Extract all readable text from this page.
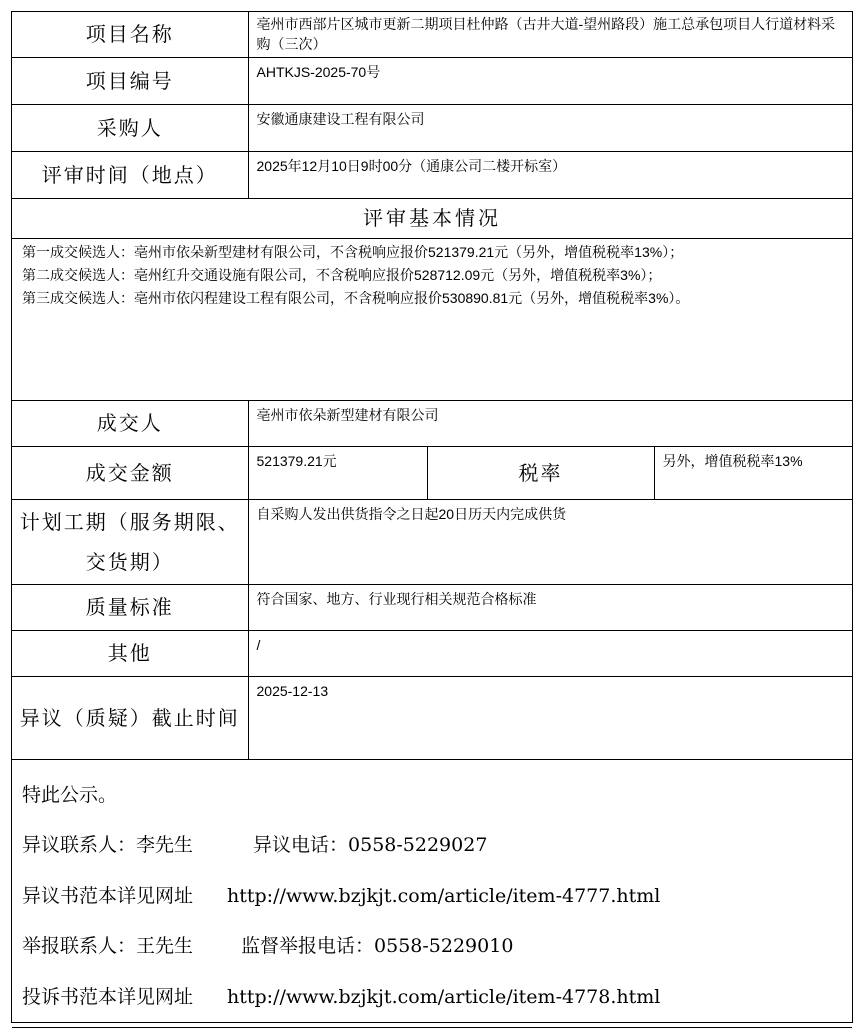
项目名称	亳州市西部片区城市更新二期项目杜仲路（古井大道-望州路段）施工总承包项目人行道材料采购（三次）		
项目编号	AHTKJS-2025-70号		
采购人	安徽通康建设工程有限公司		
评审时间（地点）	2025年12月10日9时00分（通康公司二楼开标室）		
评审基本情况			

第一成交候选人：亳州市依朵新型建材有限公司，不含税响应报价521379.21元（另外，增值税税率13%）；
第二成交候选人：亳州红升交通设施有限公司，不含税响应报价528712.09元（另外，增值税税率3%）；
第三成交候选人：亳州市依闪程建设工程有限公司，不含税响应报价530890.81元（另外，增值税税率3%）。			

成交人	亳州市依朵新型建材有限公司		
成交金额	521379.21元	税率	另外，增值税税率13%
计划工期（服务期限、交货期）	自采购人发出供货指令之日起20日历天内完成供货		
质量标准	符合国家、地方、行业现行相关规范合格标准		
其他	/		
异议（质疑）截止时间	2025-12-13		

特此公示。
异议联系人：李先生 异议电话：0558-5229027
异议书范本详见网址 http://www.bzjkjt.com/article/item-4777.html
举报联系人：王先生 监督举报电话：0558-5229010
投诉书范本详见网址 http://www.bzjkjt.com/article/item-4778.html			
